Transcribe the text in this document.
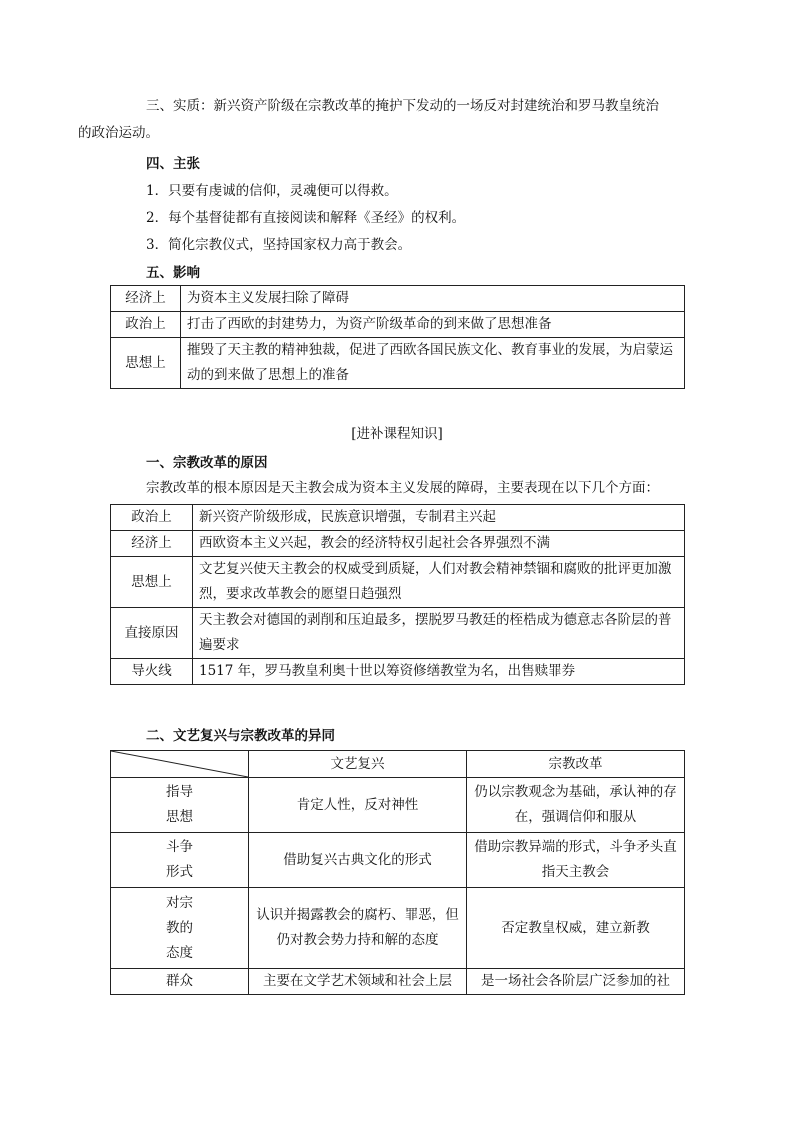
三、实质：新兴资产阶级在宗教改革的掩护下发动的一场反对封建统治和罗马教皇统治
的政治运动。
四、主张
1．只要有虔诚的信仰，灵魂便可以得救。
2．每个基督徒都有直接阅读和解释《圣经》的权利。
3．简化宗教仪式，坚持国家权力高于教会。
五、影响
经济上	为资本主义发展扫除了障碍
政治上	打击了西欧的封建势力，为资产阶级革命的到来做了思想准备
思想上	摧毁了天主教的精神独裁，促进了西欧各国民族文化、教育事业的发展，为启蒙运动的到来做了思想上的准备
[进补课程知识]
一、宗教改革的原因
宗教改革的根本原因是天主教会成为资本主义发展的障碍，主要表现在以下几个方面：
政治上	新兴资产阶级形成，民族意识增强，专制君主兴起
经济上	西欧资本主义兴起，教会的经济特权引起社会各界强烈不满
思想上	文艺复兴使天主教会的权威受到质疑，人们对教会精神禁锢和腐败的批评更加激烈，要求改革教会的愿望日趋强烈
直接原因	天主教会对德国的剥削和压迫最多，摆脱罗马教廷的桎梏成为德意志各阶层的普遍要求
导火线	1517 年，罗马教皇利奥十世以筹资修缮教堂为名，出售赎罪券
二、文艺复兴与宗教改革的异同
	文艺复兴	宗教改革
指导思想	肯定人性，反对神性	仍以宗教观念为基础，承认神的存在，强调信仰和服从
斗争形式	借助复兴古典文化的形式	借助宗教异端的形式，斗争矛头直指天主教会
对宗教的态度	认识并揭露教会的腐朽、罪恶，但仍对教会势力持和解的态度	否定教皇权威，建立新教
群众	主要在文学艺术领域和社会上层	是一场社会各阶层广泛参加的社
